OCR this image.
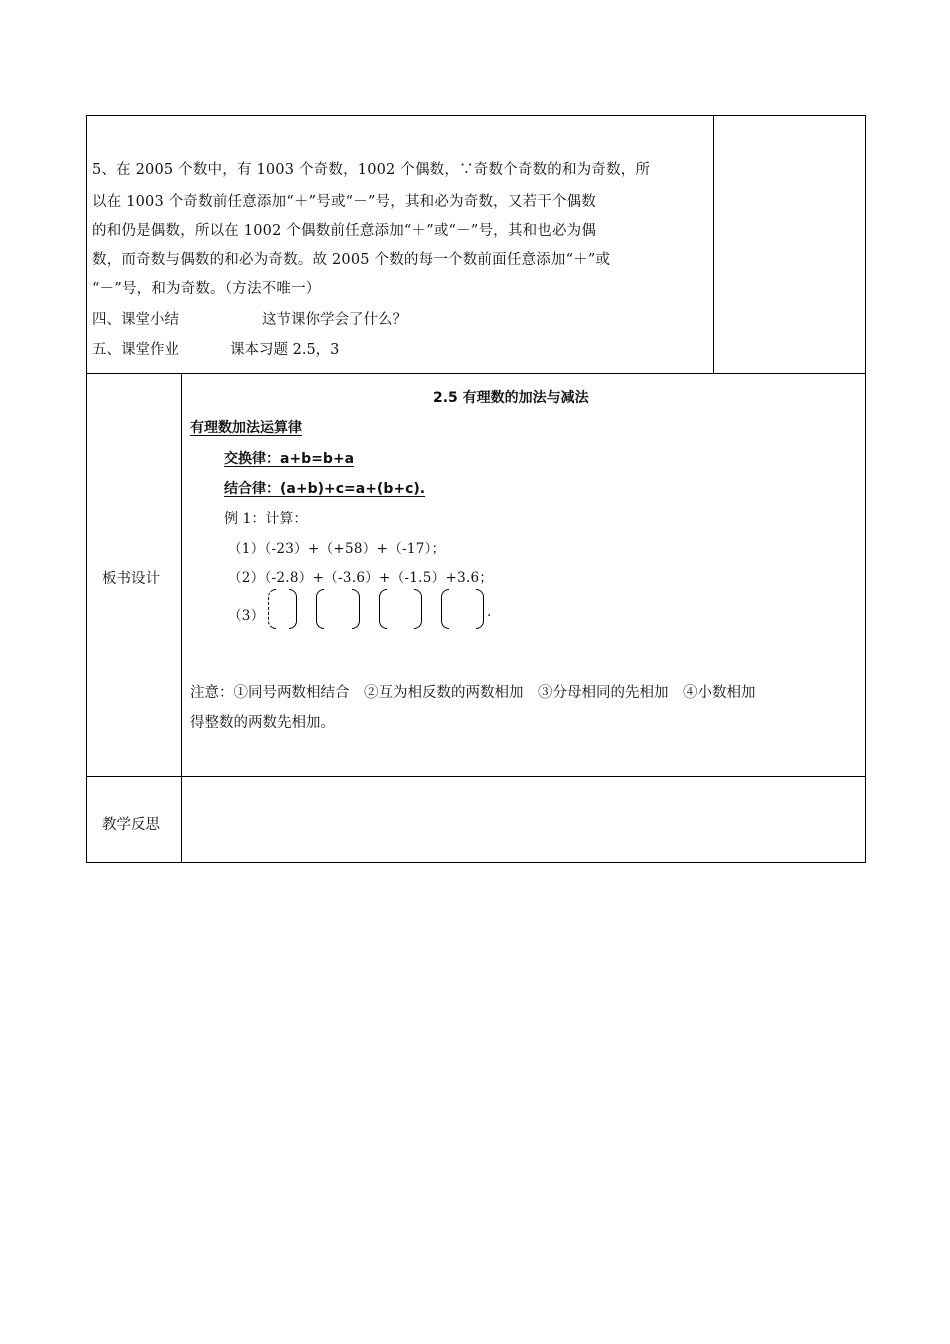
5、在 2005 个数中，有 1003 个奇数，1002 个偶数，∵奇数个奇数的和为奇数，所
以在 1003 个奇数前任意添加“＋”号或“－”号，其和必为奇数，又若干个偶数
的和仍是偶数，所以在 1002 个偶数前任意添加“＋”或“－”号，其和也必为偶
数，而奇数与偶数的和必为奇数。故 2005 个数的每一个数前面任意添加“＋”或
“－”号，和为奇数。（方法不唯一）
四、课堂小结	这节课你学会了什么？
五、课堂作业	课本习题 2.5，3
板书设计
2.5 有理数的加法与减法
有理数加法运算律
交换律：a+b=b+a
结合律：(a+b)+c=a+(b+c).
例 1：计算：
（1）（-23）+（+58）+（-17）；
（2）（-2.8）+（-3.6）+（-1.5）+3.6；
（3）	.
注意：①同号两数相结合　②互为相反数的两数相加　③分母相同的先相加　④小数相加
得整数的两数先相加。
教学反思
